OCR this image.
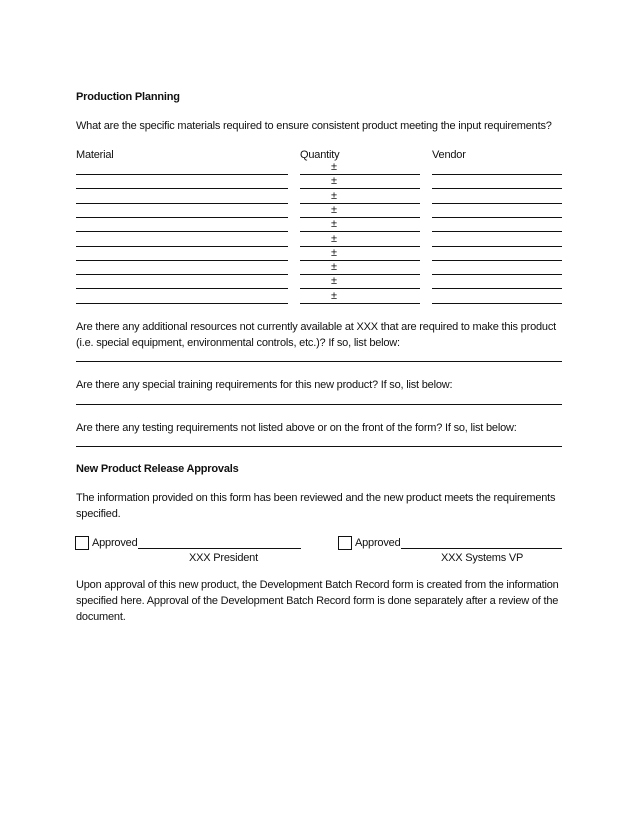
Production Planning
What are the specific materials required to ensure consistent product meeting the input requirements?
Material	Quantity	Vendor
±
±
±
±
±
±
±
±
±
±
Are there any additional resources not currently available at XXX that are required to make this product (i.e. special equipment, environmental controls, etc.)? If so, list below:
Are there any special training requirements for this new product? If so, list below:
Are there any testing requirements not listed above or on the front of the form? If so, list below:
New Product Release Approvals
The information provided on this form has been reviewed and the new product meets the requirements specified.
Approved
XXX President
Approved
XXX Systems VP
Upon approval of this new product, the Development Batch Record form is created from the information specified here. Approval of the Development Batch Record form is done separately after a review of the document.
